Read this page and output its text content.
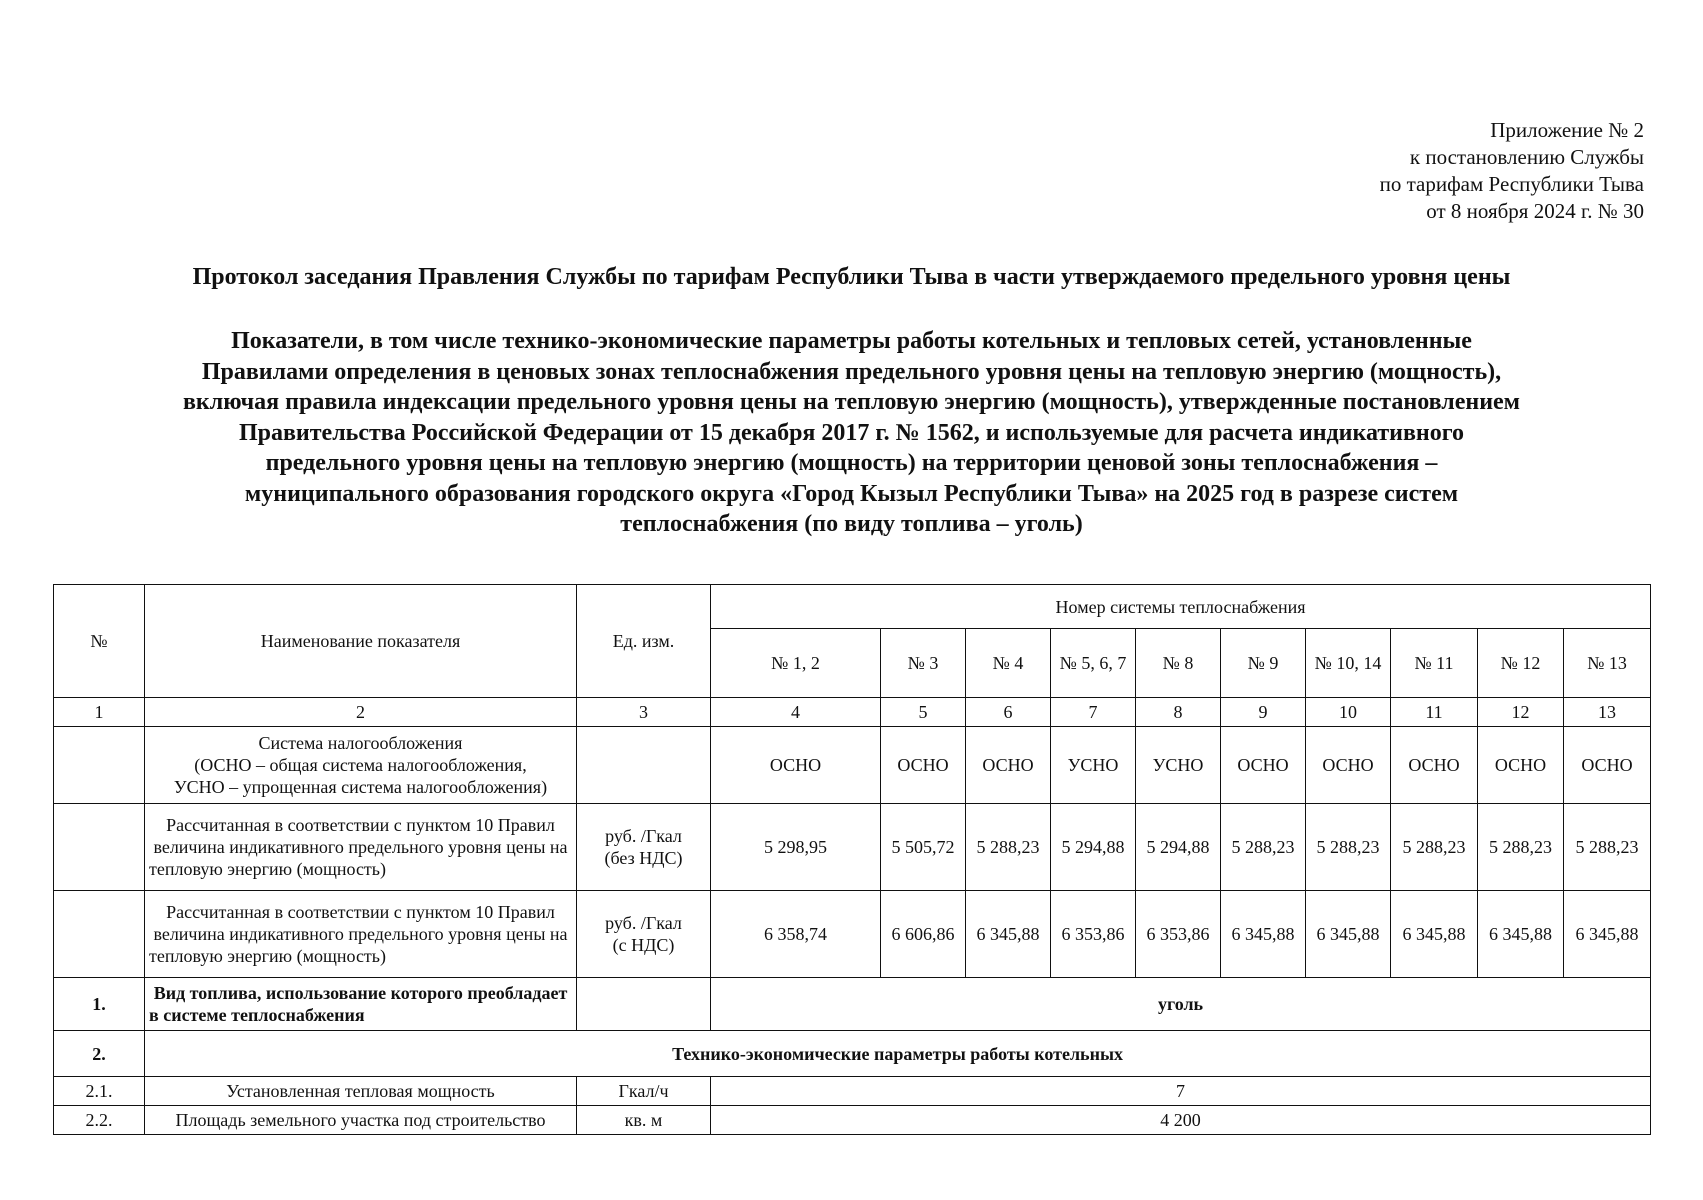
Приложение № 2
к постановлению Службы
по тарифам Республики Тыва
от 8 ноября 2024 г. № 30
Протокол заседания Правления Службы по тарифам Республики Тыва в части утверждаемого предельного уровня цены
Показатели, в том числе технико-экономические параметры работы котельных и тепловых сетей, установленные
Правилами определения в ценовых зонах теплоснабжения предельного уровня цены на тепловую энергию (мощность),
включая правила индексации предельного уровня цены на тепловую энергию (мощность), утвержденные постановлением
Правительства Российской Федерации от 15 декабря 2017 г. № 1562, и используемые для расчета индикативного
предельного уровня цены на тепловую энергию (мощность) на территории ценовой зоны теплоснабжения –
муниципального образования городского округа «Город Кызыл Республики Тыва» на 2025 год в разрезе систем
теплоснабжения (по виду топлива – уголь)
№	Наименование показателя	Ед. изм.	Номер системы теплоснабжения									
			№ 1, 2	№ 3	№ 4	№ 5, 6, 7	№ 8	№ 9	№ 10, 14	№ 11	№ 12	№ 13
1	2	3	4	5	6	7	8	9	10	11	12	13

	Система налогообложения
(ОСНО – общая система налогообложения,
УСНО – упрощенная система налогообложения)		ОСНО	ОСНО	ОСНО	УСНО	УСНО	ОСНО	ОСНО	ОСНО	ОСНО	ОСНО
	Рассчитанная в соответствии с пунктом 10 Правил величина индикативного предельного уровня цены на тепловую энергию (мощность)	руб. /Гкал
(без НДС)	5 298,95	5 505,72	5 288,23	5 294,88	5 294,88	5 288,23	5 288,23	5 288,23	5 288,23	5 288,23
	Рассчитанная в соответствии с пунктом 10 Правил величина индикативного предельного уровня цены на тепловую энергию (мощность)	руб. /Гкал
(с НДС)	6 358,74	6 606,86	6 345,88	6 353,86	6 353,86	6 345,88	6 345,88	6 345,88	6 345,88	6 345,88
1.	Вид топлива, использование которого преобладает в системе теплоснабжения		уголь									
2.	Технико-экономические параметры работы котельных											
2.1.	Установленная тепловая мощность	Гкал/ч	7									
2.2.	Площадь земельного участка под строительство	кв. м	4 200									
